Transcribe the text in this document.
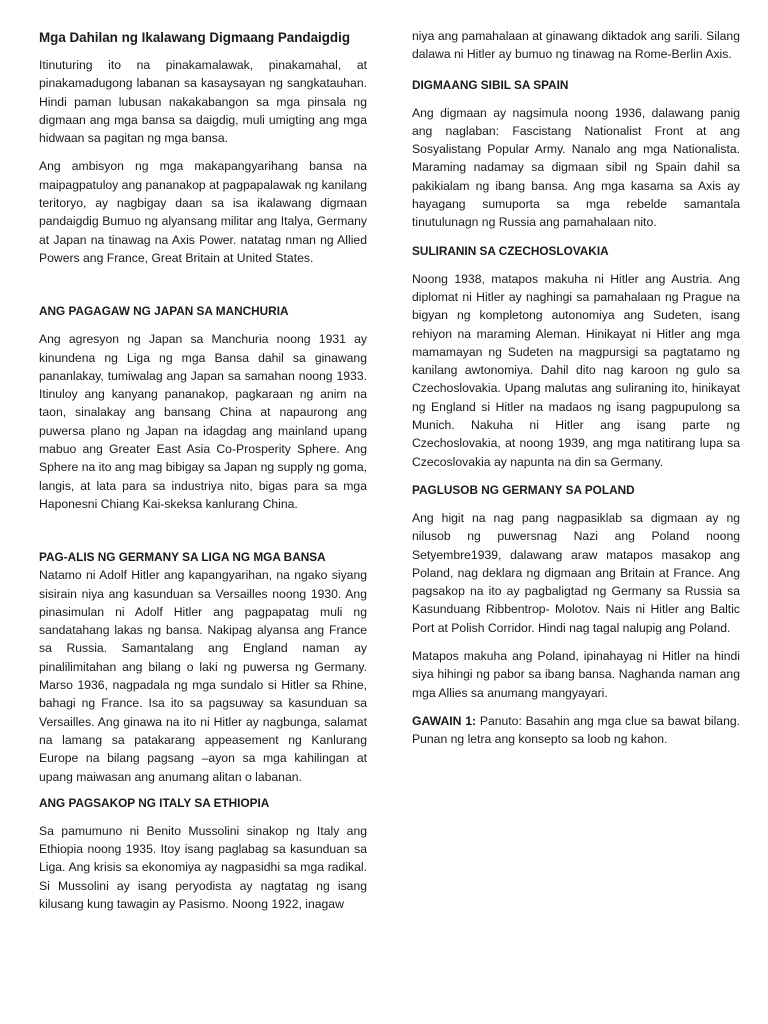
Mga Dahilan ng Ikalawang Digmaang Pandaigdig

Itinuturing ito na pinakamalawak, pinakamahal, at pinakamadugong labanan sa kasaysayan ng sangkatauhan. Hindi paman lubusan nakakabangon sa mga pinsala ng digmaan ang mga bansa sa daigdig, muli umigting ang mga hidwaan sa pagitan ng mga bansa.

Ang ambisyon ng mga makapangyarihang bansa na maipagpatuloy ang pananakop at pagpapalawak ng kanilang teritoryo, ay nagbigay daan sa isa ikalawang digmaan pandaigdig Bumuo ng alyansang militar ang Italya, Germany at Japan na tinawag na Axis Power. natatag nman ng Allied Powers ang France, Great Britain at United States.

ANG PAGAGAW NG JAPAN SA MANCHURIA

Ang agresyon ng Japan sa Manchuria noong 1931 ay kinundena ng Liga ng mga Bansa dahil sa ginawang pananlakay, tumiwalag ang Japan sa samahan noong 1933. Itinuloy ang kanyang pananakop, pagkaraan ng anim na taon, sinalakay ang bansang China at napaurong ang puwersa plano ng Japan na idagdag ang mainland upang mabuo ang Greater East Asia Co-Prosperity Sphere. Ang Sphere na ito ang mag bibigay sa Japan ng supply ng goma, langis, at lata para sa industriya nito, bigas para sa mga Haponesni Chiang Kai-skeksa kanlurang China.

PAG-ALIS NG GERMANY SA LIGA NG MGA BANSA

Natamo ni Adolf Hitler ang kapangyarihan, na ngako siyang sisirain niya ang kasunduan sa Versailles noong 1930. Ang pinasimulan ni Adolf Hitler ang pagpapatag muli ng sandatahang lakas ng bansa. Nakipag alyansa ang France sa Russia. Samantalang ang England naman ay pinalilimitahan ang bilang o laki ng puwersa ng Germany. Marso 1936, nagpadala ng mga sundalo si Hitler sa Rhine, bahagi ng France. Isa ito sa pagsuway sa kasunduan sa Versailles. Ang ginawa na ito ni Hitler ay nagbunga, salamat na lamang sa patakarang appeasement ng Kanlurang Europe na bilang pagsang –ayon sa mga kahilingan at upang maiwasan ang anumang alitan o labanan.

ANG PAGSAKOP NG ITALY SA ETHIOPIA

Sa pamumuno ni Benito Mussolini sinakop ng Italy ang Ethiopia noong 1935. Itoy isang paglabag sa kasunduan sa Liga. Ang krisis sa ekonomiya ay nagpasidhi sa mga radikal. Si Mussolini ay isang peryodista ay nagtatag ng isang kilusang kung tawagin ay Pasismo. Noong 1922, inagaw

niya ang pamahalaan at ginawang diktadok ang sarili. Silang dalawa ni Hitler ay bumuo ng tinawag na Rome-Berlin Axis.

DIGMAANG SIBIL SA SPAIN

Ang digmaan ay nagsimula noong 1936, dalawang panig ang naglaban: Fascistang Nationalist Front at ang Sosyalistang Popular Army. Nanalo ang mga Nationalista. Maraming nadamay sa digmaan sibil ng Spain dahil sa pakikialam ng ibang bansa. Ang mga kasama sa Axis ay hayagang sumuporta sa mga rebelde samantala tinutulunagn ng Russia ang pamahalaan nito.

SULIRANIN SA CZECHOSLOVAKIA

Noong 1938, matapos makuha ni Hitler ang Austria. Ang diplomat ni Hitler ay naghingi sa pamahalaan ng Prague na bigyan ng kompletong autonomiya ang Sudeten, isang rehiyon na maraming Aleman. Hinikayat ni Hitler ang mga mamamayan ng Sudeten na magpursigi sa pagtatamo ng kanilang awtonomiya. Dahil dito nag karoon ng gulo sa Czechoslovakia. Upang malutas ang suliraning ito, hinikayat ng England si Hitler na madaos ng isang pagpupulong sa Munich. Nakuha ni Hitler ang isang parte ng Czechoslovakia, at noong 1939, ang mga natitirang lupa sa Czecoslovakia ay napunta na din sa Germany.

PAGLUSOB NG GERMANY SA POLAND

Ang higit na nag pang nagpasiklab sa digmaan ay ng nilusob ng puwersnag Nazi ang Poland noong Setyembre1939, dalawang araw matapos masakop ang Poland, nag deklara ng digmaan ang Britain at France. Ang pagsakop na ito ay pagbaligtad ng Germany sa Russia sa Kasunduang Ribbentrop- Molotov. Nais ni Hitler ang Baltic Port at Polish Corridor. Hindi nag tagal nalupig ang Poland.

Matapos makuha ang Poland, ipinahayag ni Hitler na hindi siya hihingi ng pabor sa ibang bansa. Naghanda naman ang mga Allies sa anumang mangyayari.

GAWAIN 1: Panuto: Basahin ang mga clue sa bawat bilang. Punan ng letra ang konsepto sa loob ng kahon.
